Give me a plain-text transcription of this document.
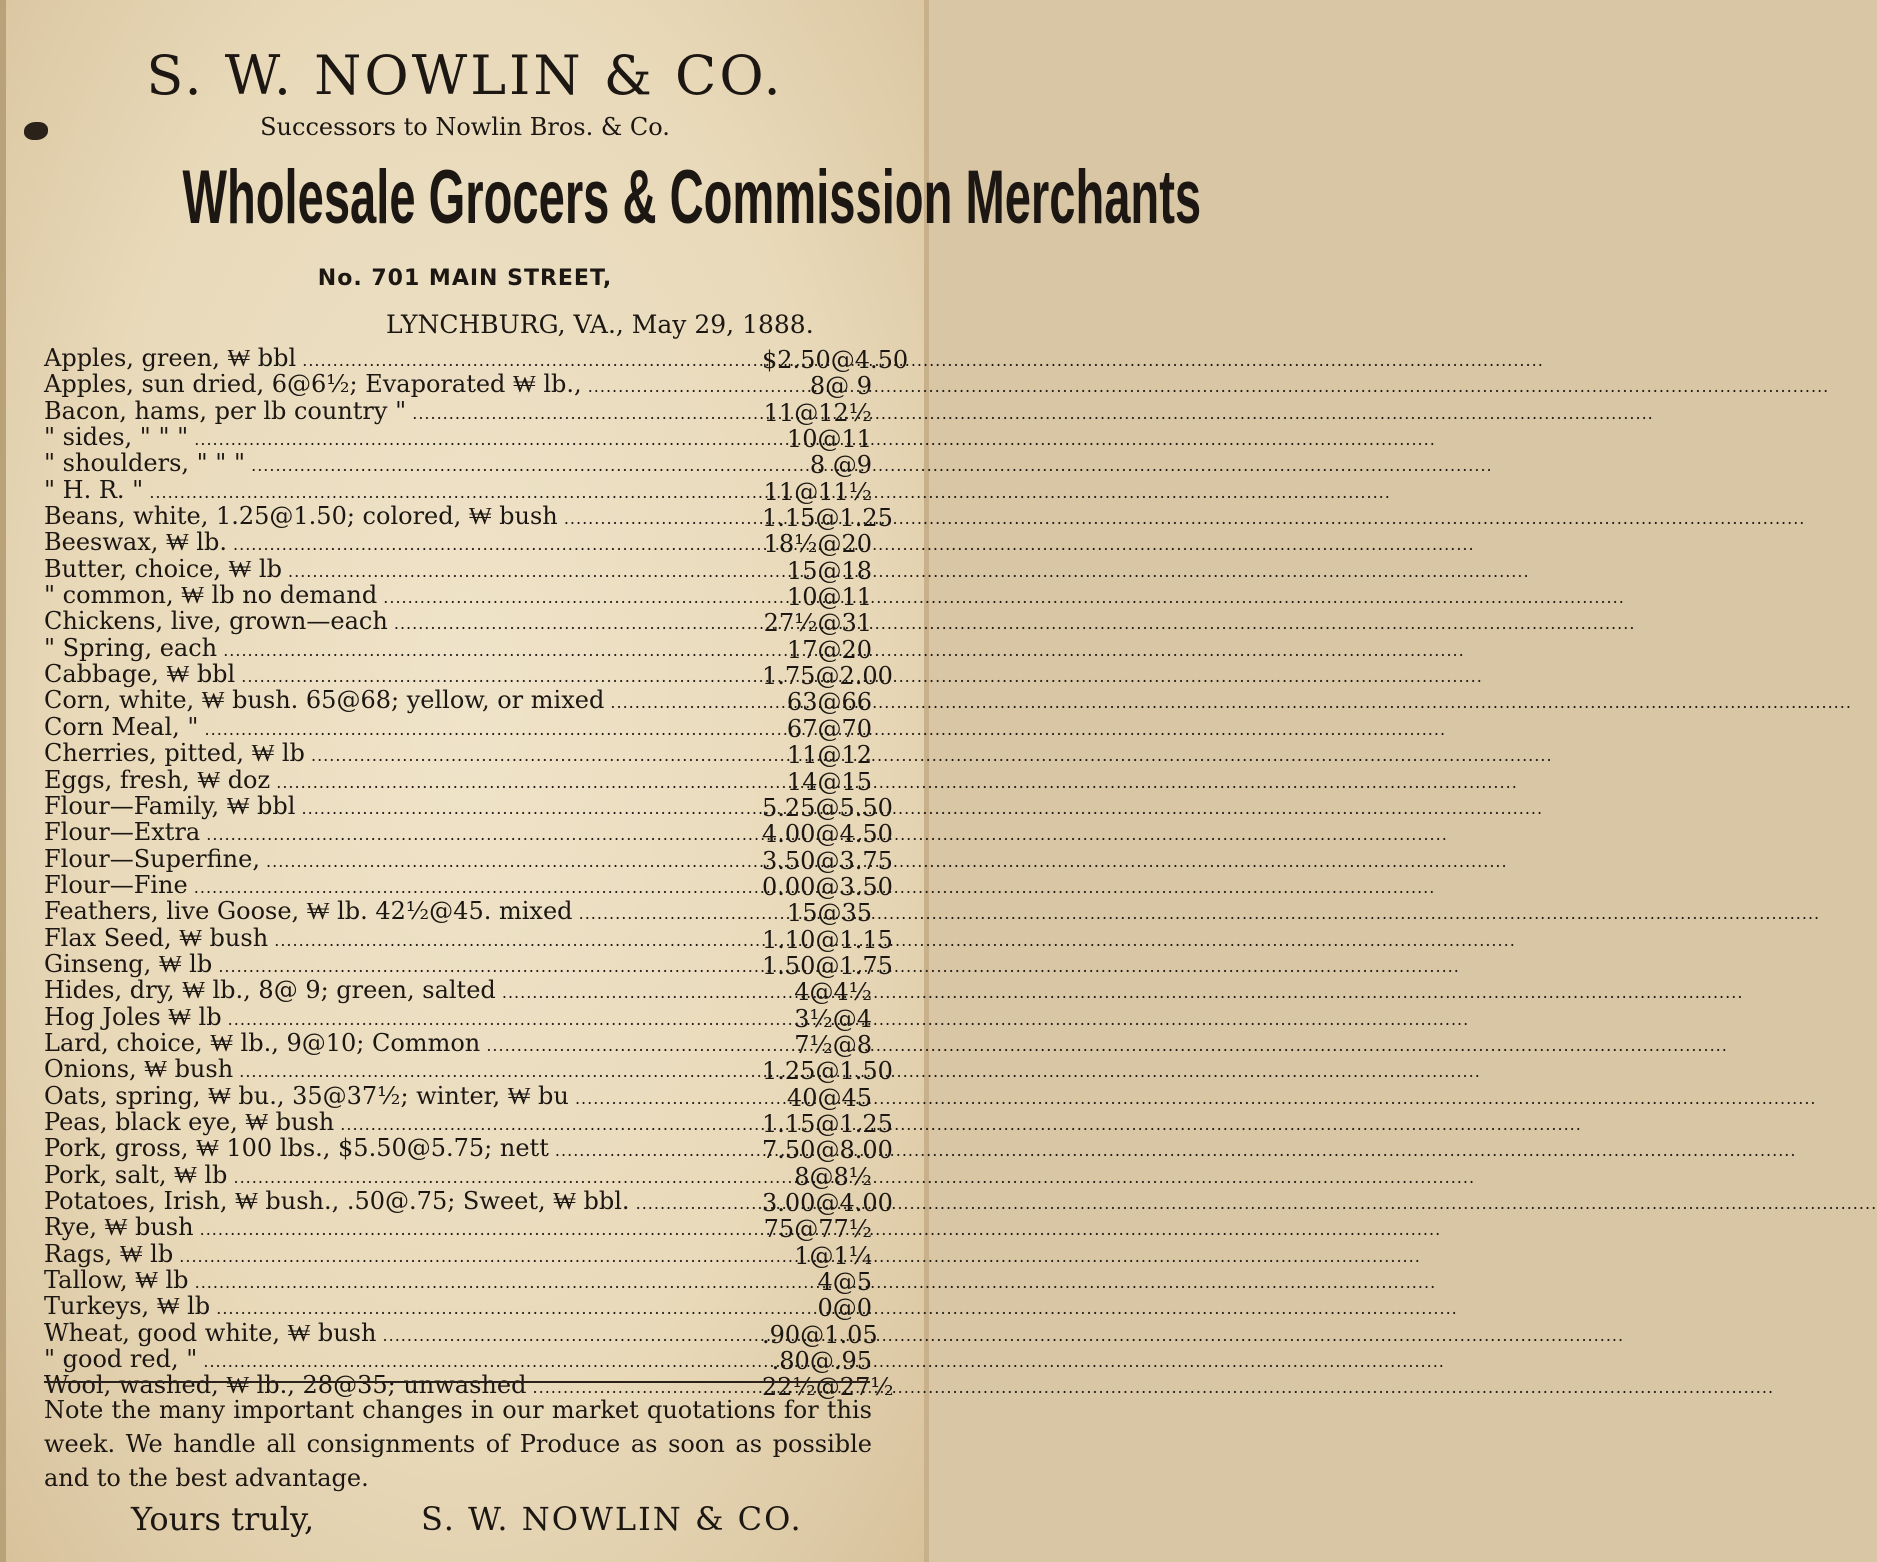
S. W. NOWLIN & CO.
Successors to Nowlin Bros. & Co.
Wholesale Grocers & Commission Merchants
No. 701 MAIN STREET,
LYNCHBURG, VA., May 29, 1888.
Apples, green, ₩ bbl .....	$2.50@4.50
Apples, sun dried, 6@6½; Evaporated ₩ lb., .....	8@ 9
Bacon, hams, per lb country " .....	11@12½
" sides, " " " .....	10@11
" shoulders, " " " .....	8 @9
" H. R. " .....	11@11½
Beans, white, 1.25@1.50; colored, ₩ bush .....	1.15@1.25
Beeswax, ₩ lb. .....	18½@20
Butter, choice, ₩ lb .....	15@18
" common, ₩ lb no demand .....	10@11
Chickens, live, grown—each .....	27½@31
" Spring, each .....	17@20
Cabbage, ₩ bbl .....	1.75@2.00
Corn, white, ₩ bush. 65@68; yellow, or mixed .....	63@66
Corn Meal, " .....	67@70
Cherries, pitted, ₩ lb .....	11@12
Eggs, fresh, ₩ doz .....	14@15
Flour—Family, ₩ bbl .....	5.25@5.50
Flour—Extra .....	4.00@4.50
Flour—Superfine, .....	3.50@3.75
Flour—Fine .....	0.00@3.50
Feathers, live Goose, ₩ lb. 42½@45. mixed .....	15@35
Flax Seed, ₩ bush .....	1.10@1.15
Ginseng, ₩ lb .....	1.50@1.75
Hides, dry, ₩ lb., 8@ 9; green, salted .....	4@4½
Hog Joles ₩ lb .....	3½@4
Lard, choice, ₩ lb., 9@10; Common .....	7½@8
Onions, ₩ bush .....	1.25@1.50
Oats, spring, ₩ bu., 35@37½; winter, ₩ bu .....	40@45
Peas, black eye, ₩ bush .....	1.15@1.25
Pork, gross, ₩ 100 lbs., $5.50@5.75; nett .....	7.50@8.00
Pork, salt, ₩ lb .....	8@8½
Potatoes, Irish, ₩ bush., .50@.75; Sweet, ₩ bbl. .....	3.00@4.00
Rye, ₩ bush .....	75@77½
Rags, ₩ lb .....	1@1¼
Tallow, ₩ lb .....	4@5
Turkeys, ₩ lb .....	0@0
Wheat, good white, ₩ bush .....	.90@1.05
" good red, " .....	.80@.95
Wool, washed, ₩ lb., 28@35; unwashed .....	22½@27½
Note the many important changes in our market quotations for this week. We handle all consignments of Produce as soon as possible and to the best advantage.
Yours truly,	S. W. NOWLIN & CO.
